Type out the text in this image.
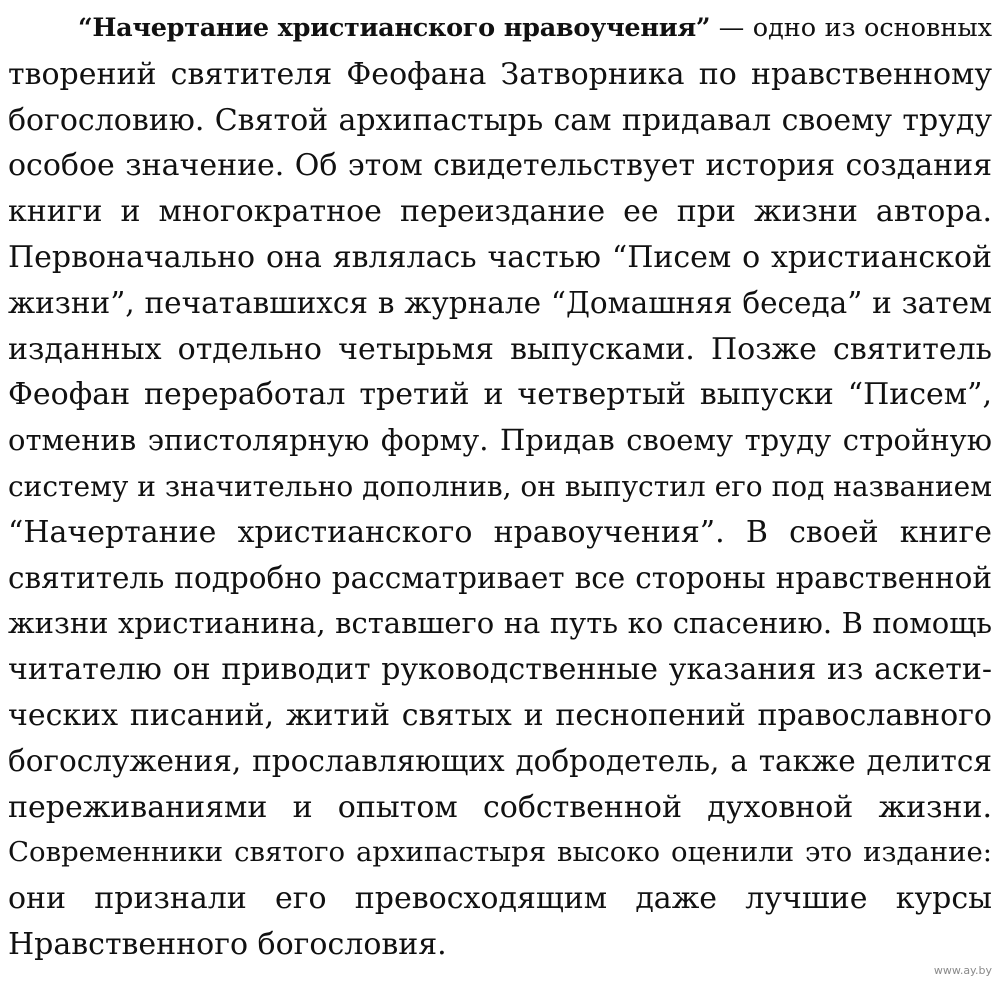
“Начертание христианского нравоучения” — одно из основных
творений святителя Феофана Затворника по нравственному
богословию. Святой архипастырь сам придавал своему труду
особое значение. Об этом свидетельствует история создания
книги и многократное переиздание ее при жизни автора.
Первоначально она являлась частью “Писем о христианской
жизни”, печатавшихся в журнале “Домашняя беседа” и затем
изданных отдельно четырьмя выпусками. Позже святитель
Феофан переработал третий и четвертый выпуски “Писем”,
отменив эпистолярную форму. Придав своему труду стройную
систему и значительно дополнив, он выпустил его под названием
“Начертание христианского нравоучения”. В своей книге
святитель подробно рассматривает все стороны нравственной
жизни христианина, вставшего на путь ко спасению. В помощь
читателю он приводит руководственные указания из аскети-
ческих писаний, житий святых и песнопений православного
богослужения, прославляющих добродетель, а также делится
переживаниями и опытом собственной духовной жизни.
Современники святого архипастыря высоко оценили это издание:
они признали его превосходящим даже лучшие курсы
Нравственного богословия.
www.ay.by
